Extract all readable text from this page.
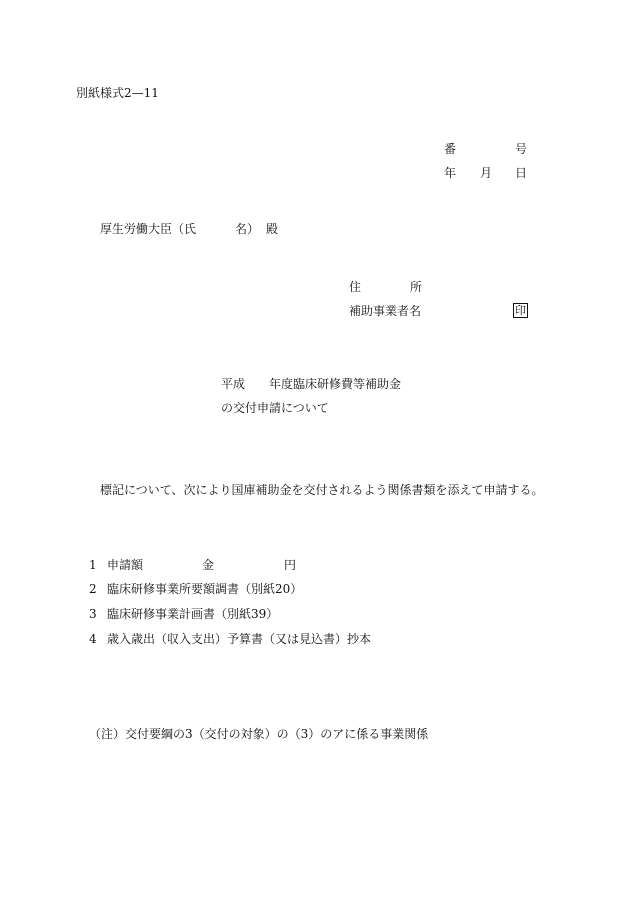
別紙様式2—11
番	号
年 月 日
厚生労働大臣（氏	名） 殿
住	所
補助事業者名	印
平成 年度臨床研修費等補助金
の交付申請について
標記について、次により国庫補助金を交付されるよう関係書類を添えて申請する。
1 申請額	金	円
2 臨床研修事業所要額調書（別紙20）
3 臨床研修事業計画書（別紙39）
4 歳入歳出（収入支出）予算書（又は見込書）抄本
（注） 交付要綱の3（交付の対象）の（3）のアに係る事業関係
